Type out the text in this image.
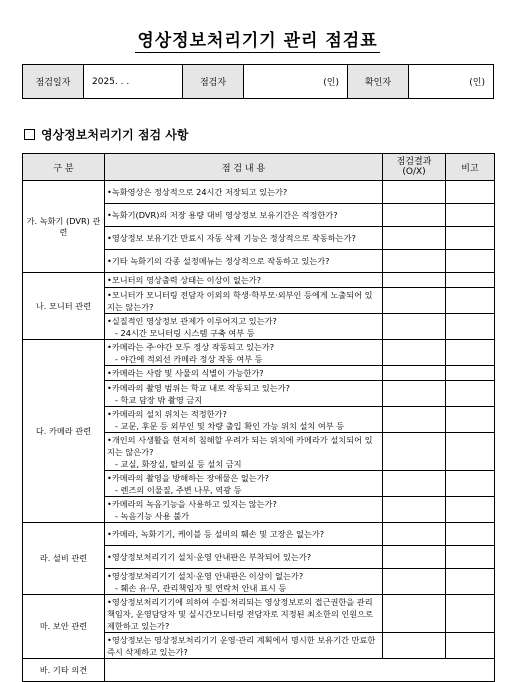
영상정보처리기기 관리 점검표
점검일자	2025. . .	점검자	(인)	확인자	(인)
영상정보처리기기 점검 사항
구 분	점 검 내 용	점검결과 (O/X)	비고
가. 녹화기 (DVR) 관련	•녹화영상은 정상적으로 24시간 저장되고 있는가?		
	•녹화기(DVR)의 저장 용량 대비 영상정보 보유기간은 적정한가?		
	•영상정보 보유기간 만료시 자동 삭제 기능은 정상적으로 작동하는가?		
	•기타 녹화기의 각종 설정메뉴는 정상적으로 작동하고 있는가?		
나. 모니터 관련	•모니터의 영상출력 상태는 이상이 없는가?		
	•모니터가 모니터링 전담자 이외의 학생·학부모·외부인 등에게 노출되어 있지는 않는가?		
	•실질적인 영상정보 관제가 이루어지고 있는가?
- 24시간 모니터링 시스템 구축 여부 등		

다. 카메라 관련	•카메라는 주·야간 모두 정상 작동되고 있는가?
- 야간에 적외선 카메라 정상 작동 여부 등		

	•카메라는 사람 및 사물의 식별이 가능한가?		
	•카메라의 촬영 범위는 학교 내로 작동되고 있는가?
- 학교 담장 밖 촬영 금지		

	•카메라의 설치 위치는 적정한가?
- 교문, 후문 등 외부인 및 차량 출입 확인 가능 위치 설치 여부 등		

	•개인의 사생활을 현저히 침해할 우려가 되는 위치에 카메라가 설치되어 있지는 않은가?
- 교실, 화장실, 탈의실 등 설치 금지		

	•카메라의 촬영을 방해하는 장애물은 없는가?
- 렌즈의 이물질, 주변 나무, 역광 등		

	•카메라의 녹음기능을 사용하고 있지는 않는가?
- 녹음기능 사용 불가		

라. 설비 관련	•카메라, 녹화기기, 케이블 등 설비의 훼손 및 고장은 없는가?		
	•영상정보처리기기 설치·운영 안내판은 부착되어 있는가?		
	•영상정보처리기기 설치·운영 안내판은 이상이 없는가?
- 훼손 유·무, 관리책임자 및 연락처 안내 표시 등		

마. 보안 관련	•영상정보처리기기에 의하여 수집·처리되는 영상정보로의 접근권한을 관리책임자, 운영담당자 및 실시간모니터링 전담자로 지정된 최소한의 인원으로 제한하고 있는가?		
	•영상정보는 영상정보처리기기 운영·관리 계획에서 명시한 보유기간 만료한 즉시 삭제하고 있는가?		
바. 기타 의견			
